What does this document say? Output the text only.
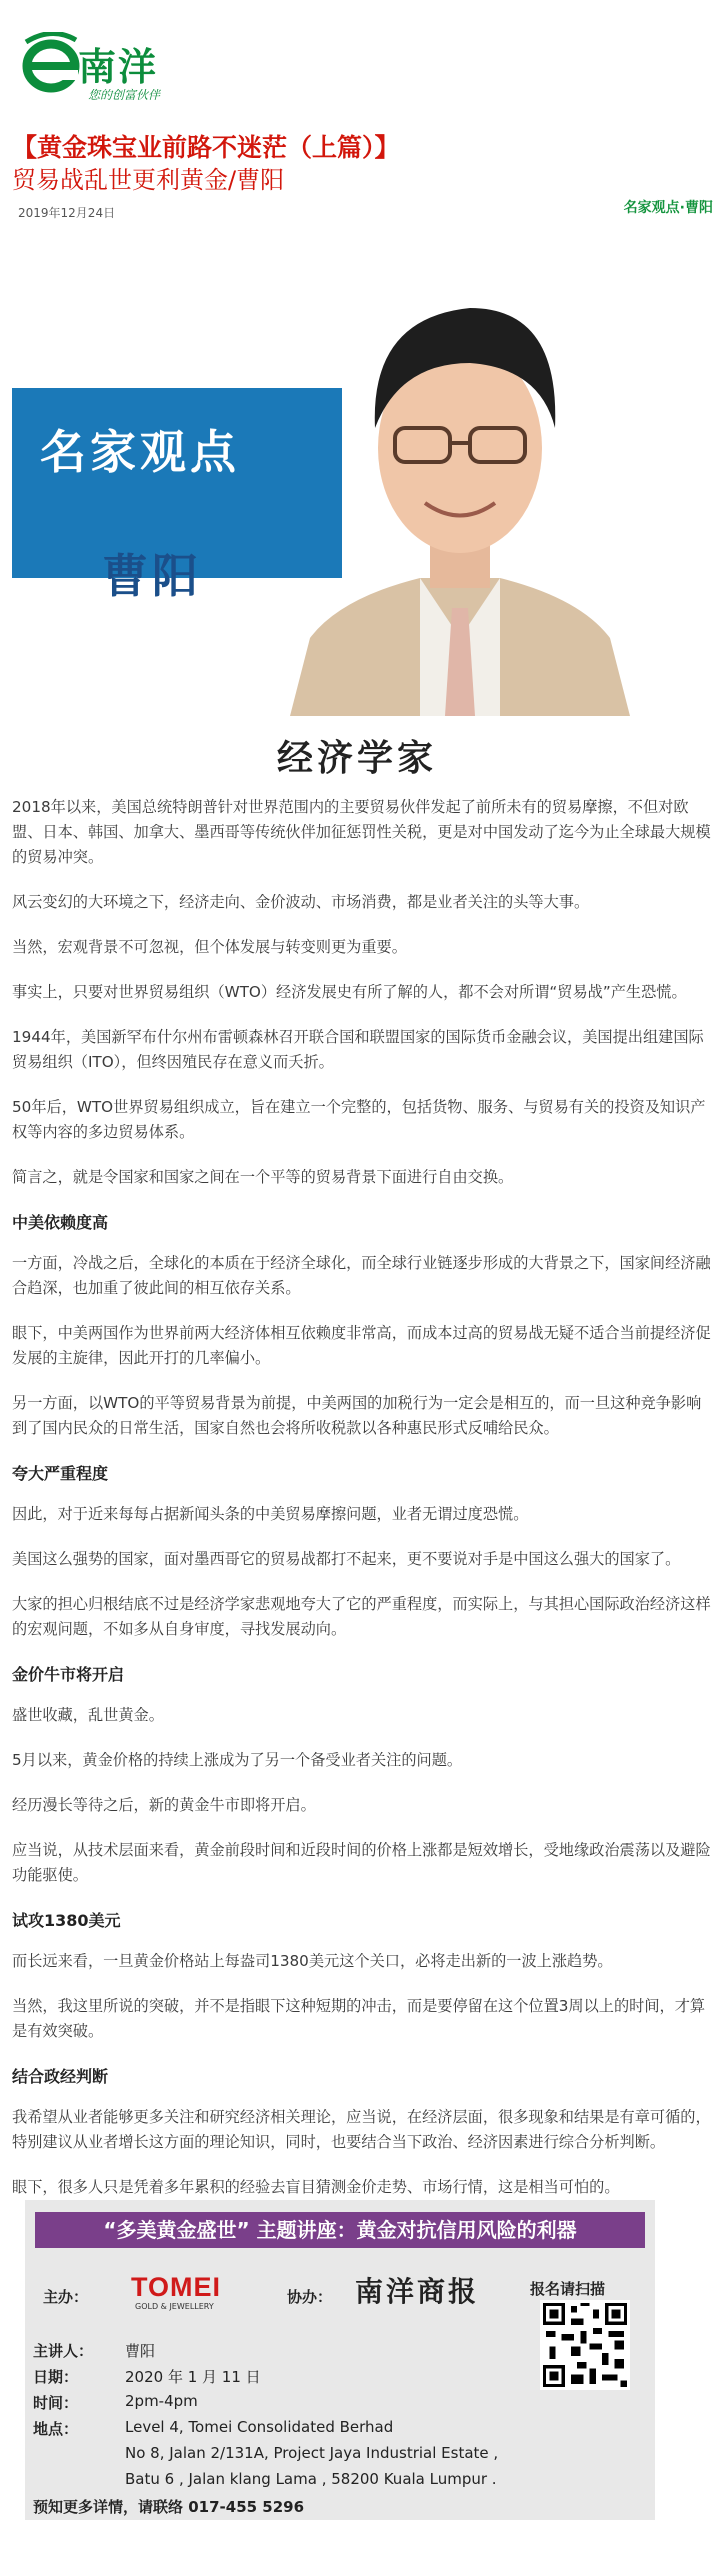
南洋
您的创富伙伴
【黄金珠宝业前路不迷茫（上篇）】
贸易战乱世更利黄金/曹阳
2019年12月24日	名家观点·曹阳
名家观点
曹阳
经济学家

2018年以来，美国总统特朗普针对世界范围内的主要贸易伙伴发起了前所未有的贸易摩擦，不但对欧盟、日本、韩国、加拿大、墨西哥等传统伙伴加征惩罚性关税，更是对中国发动了迄今为止全球最大规模的贸易冲突。

风云变幻的大环境之下，经济走向、金价波动、市场消费，都是业者关注的头等大事。

当然，宏观背景不可忽视，但个体发展与转变则更为重要。

事实上，只要对世界贸易组织（WTO）经济发展史有所了解的人，都不会对所谓“贸易战”产生恐慌。

1944年，美国新罕布什尔州布雷顿森林召开联合国和联盟国家的国际货币金融会议，美国提出组建国际贸易组织（ITO），但终因殖民存在意义而夭折。

50年后，WTO世界贸易组织成立，旨在建立一个完整的，包括货物、服务、与贸易有关的投资及知识产权等内容的多边贸易体系。

简言之，就是令国家和国家之间在一个平等的贸易背景下面进行自由交换。

中美依赖度高

一方面，冷战之后，全球化的本质在于经济全球化，而全球行业链逐步形成的大背景之下，国家间经济融合趋深，也加重了彼此间的相互依存关系。

眼下，中美两国作为世界前两大经济体相互依赖度非常高，而成本过高的贸易战无疑不适合当前提经济促发展的主旋律，因此开打的几率偏小。

另一方面，以WTO的平等贸易背景为前提，中美两国的加税行为一定会是相互的，而一旦这种竞争影响到了国内民众的日常生活，国家自然也会将所收税款以各种惠民形式反哺给民众。

夸大严重程度

因此，对于近来每每占据新闻头条的中美贸易摩擦问题，业者无谓过度恐慌。

美国这么强势的国家，面对墨西哥它的贸易战都打不起来，更不要说对手是中国这么强大的国家了。

大家的担心归根结底不过是经济学家悲观地夸大了它的严重程度，而实际上，与其担心国际政治经济这样的宏观问题，不如多从自身审度，寻找发展动向。

金价牛市将开启

盛世收藏，乱世黄金。

5月以来，黄金价格的持续上涨成为了另一个备受业者关注的问题。

经历漫长等待之后，新的黄金牛市即将开启。

应当说，从技术层面来看，黄金前段时间和近段时间的价格上涨都是短效增长，受地缘政治震荡以及避险功能驱使。

试攻1380美元

而长远来看，一旦黄金价格站上每盎司1380美元这个关口，必将走出新的一波上涨趋势。

当然，我这里所说的突破，并不是指眼下这种短期的冲击，而是要停留在这个位置3周以上的时间，才算是有效突破。

结合政经判断

我希望从业者能够更多关注和研究经济相关理论，应当说，在经济层面，很多现象和结果是有章可循的，特别建议从业者增长这方面的理论知识，同时，也要结合当下政治、经济因素进行综合分析判断。

眼下，很多人只是凭着多年累积的经验去盲目猜测金价走势、市场行情，这是相当可怕的。

“多美黄金盛世” 主题讲座：黄金对抗信用风险的利器
主办： TOMEI
GOLD & JEWELLERY
协办： 南洋商报	报名请扫描
主讲人： 曹阳
日期：	2020 年 1 月 11 日
时间：	2pm-4pm
地点：	Level 4, Tomei Consolidated Berhad
No 8, Jalan 2/131A, Project Jaya Industrial Estate ,
Batu 6 , Jalan klang Lama , 58200 Kuala Lumpur .
预知更多详情，请联络 017-455 5296
